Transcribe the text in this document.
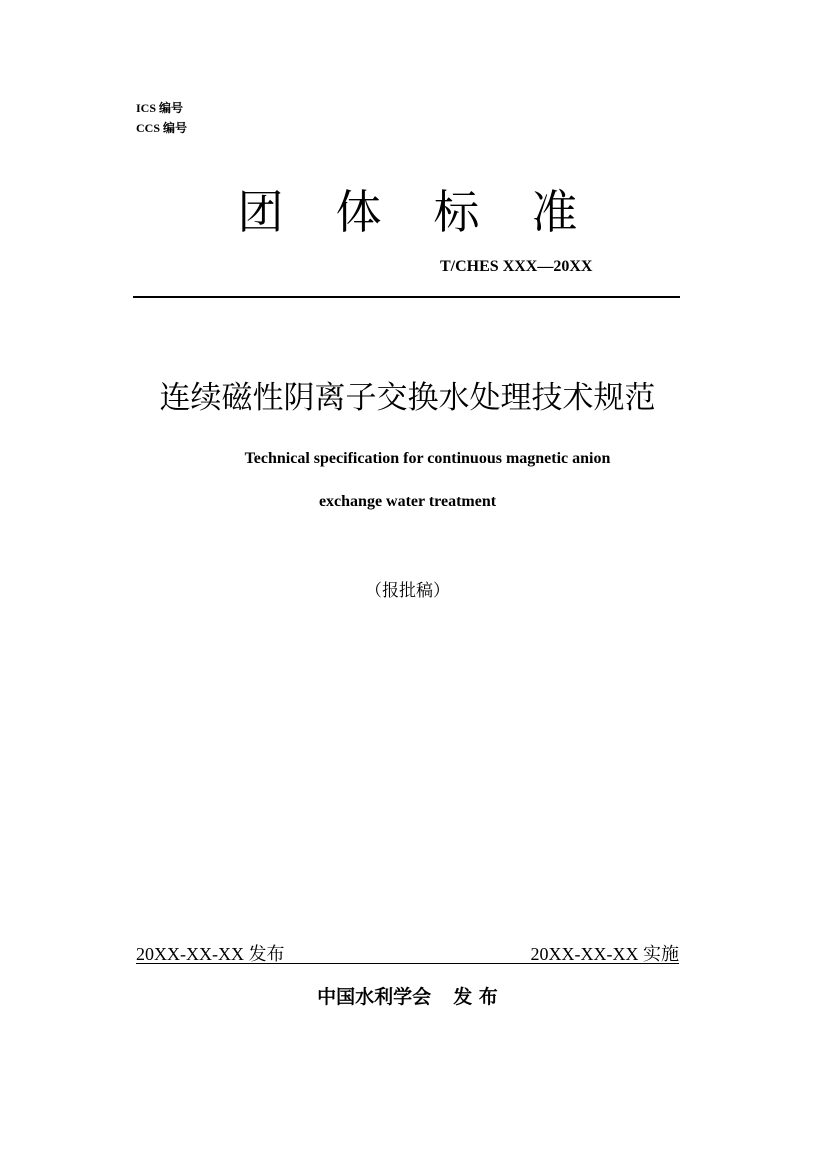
ICS 编号
CCS 编号
团体标准
T/CHES XXX—20XX
连续磁性阴离子交换水处理技术规范
Technical specification for continuous magnetic anion
exchange water treatment
（报批稿）
20XX-XX-XX 发布	20XX-XX-XX 实施
中国水利学会 发 布
